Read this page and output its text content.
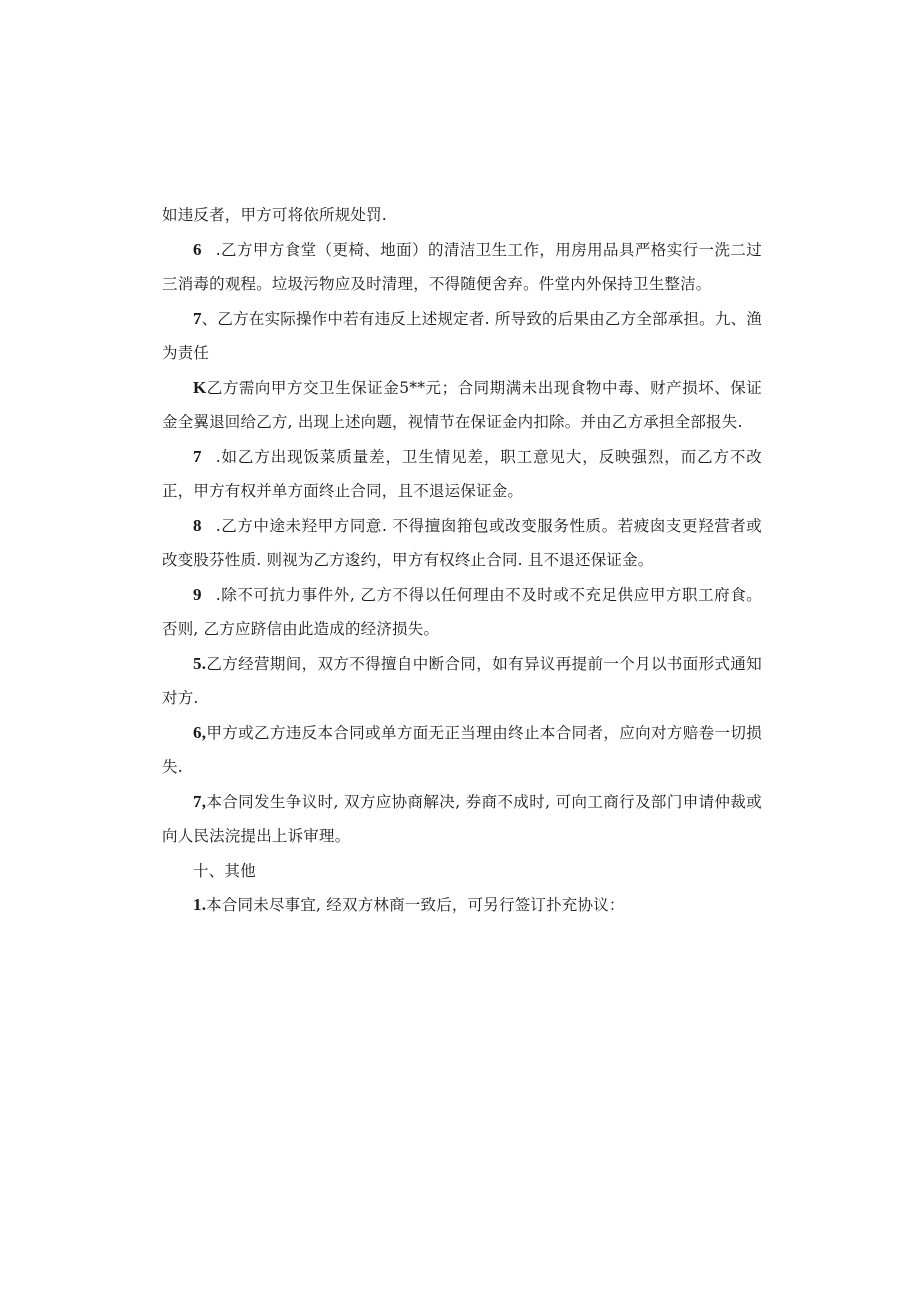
如违反者，甲方可将依所规处罚.

6 .乙方甲方食堂（更椅、地面）的清洁卫生工作，用房用品具严格实行一洗二过三消毒的观程。垃圾污物应及时清理，不得随便舍弃。件堂内外保持卫生整洁。

7、乙方在实际操作中若有违反上述规定者. 所导致的后果由乙方全部承担。九、渔为责任

K乙方需向甲方交卫生保证金5**元；合同期满未出现食物中毒、财产损坏、保证金全翼退回给乙方, 出现上述向题，视情节在保证金内扣除。并由乙方承担全部报失.

7 .如乙方出现饭菜质量差，卫生情见差，职工意见大，反映强烈，而乙方不改正，甲方有权并单方面终止合同，且不退运保证金。

8 .乙方中途未羟甲方同意. 不得擅囱箝包或改变服务性质。若疲囱支更羟营者或改变股芬性质. 则视为乙方逡约，甲方有权终止合同. 且不退还保证金。

9 .除不可抗力事件外, 乙方不得以任何理由不及时或不充足供应甲方职工府食。否则, 乙方应跻信由此造成的经济损失。

5.乙方经营期间，双方不得擅自中断合同，如有异议再提前一个月以书面形式通知对方.

6,甲方或乙方违反本合同或单方面无正当理由终止本合同者，应向对方赔卷一切损失.

7,本合同发生争议时, 双方应协商解决, 券商不成时, 可向工商行及部门申请仲裁或向人民法浣提出上诉审理。

十、其他

1.本合同未尽事宜, 经双方林商一致后，可另行签订扑充协议：
